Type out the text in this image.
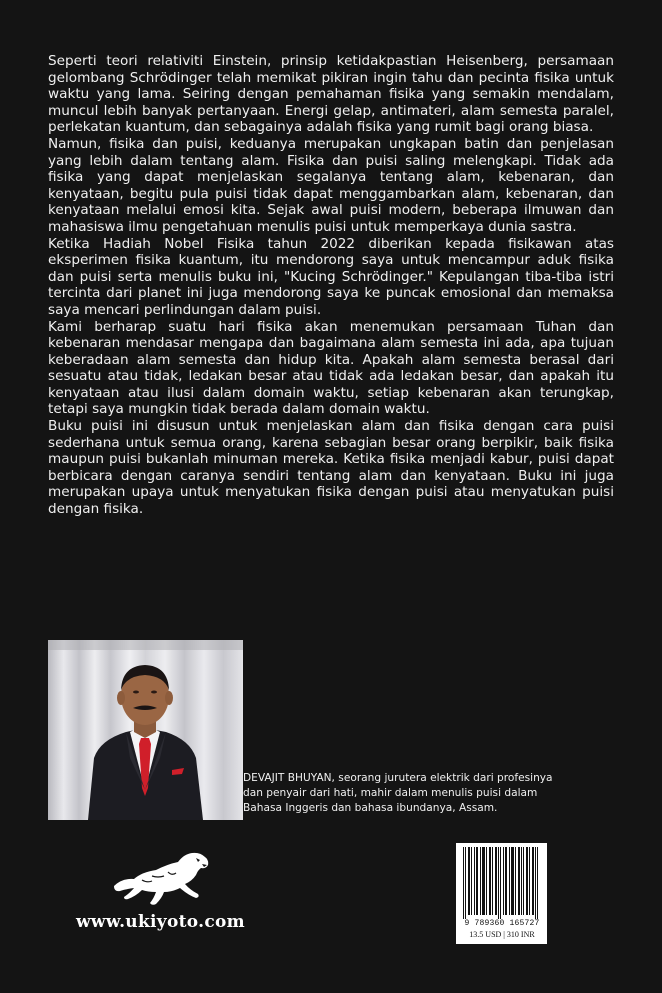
Seperti teori relativiti Einstein, prinsip ketidakpastian Heisenberg, persamaan gelombang Schrödinger telah memikat pikiran ingin tahu dan pecinta fisika untuk waktu yang lama. Seiring dengan pemahaman fisika yang semakin mendalam, muncul lebih banyak pertanyaan. Energi gelap, antimateri, alam semesta paralel, perlekatan kuantum, dan sebagainya adalah fisika yang rumit bagi orang biasa.

Namun, fisika dan puisi, keduanya merupakan ungkapan batin dan penjelasan yang lebih dalam tentang alam. Fisika dan puisi saling melengkapi. Tidak ada fisika yang dapat menjelaskan segalanya tentang alam, kebenaran, dan kenyataan, begitu pula puisi tidak dapat menggambarkan alam, kebenaran, dan kenyataan melalui emosi kita. Sejak awal puisi modern, beberapa ilmuwan dan mahasiswa ilmu pengetahuan menulis puisi untuk memperkaya dunia sastra.

Ketika Hadiah Nobel Fisika tahun 2022 diberikan kepada fisikawan atas eksperimen fisika kuantum, itu mendorong saya untuk mencampur aduk fisika dan puisi serta menulis buku ini, "Kucing Schrödinger." Kepulangan tiba-tiba istri tercinta dari planet ini juga mendorong saya ke puncak emosional dan memaksa saya mencari perlindungan dalam puisi.

Kami berharap suatu hari fisika akan menemukan persamaan Tuhan dan kebenaran mendasar mengapa dan bagaimana alam semesta ini ada, apa tujuan keberadaan alam semesta dan hidup kita. Apakah alam semesta berasal dari sesuatu atau tidak, ledakan besar atau tidak ada ledakan besar, dan apakah itu kenyataan atau ilusi dalam domain waktu, setiap kebenaran akan terungkap, tetapi saya mungkin tidak berada dalam domain waktu.

Buku puisi ini disusun untuk menjelaskan alam dan fisika dengan cara puisi sederhana untuk semua orang, karena sebagian besar orang berpikir, baik fisika maupun puisi bukanlah minuman mereka. Ketika fisika menjadi kabur, puisi dapat berbicara dengan caranya sendiri tentang alam dan kenyataan. Buku ini juga merupakan upaya untuk menyatukan fisika dengan puisi atau menyatukan puisi dengan fisika.

DEVAJIT BHUYAN, seorang jurutera elektrik dari profesinya dan penyair dari hati, mahir dalam menulis puisi dalam Bahasa Inggeris dan bahasa ibundanya, Assam.

www.ukiyoto.com	9 789360 165727
13.5 USD | 310 INR
